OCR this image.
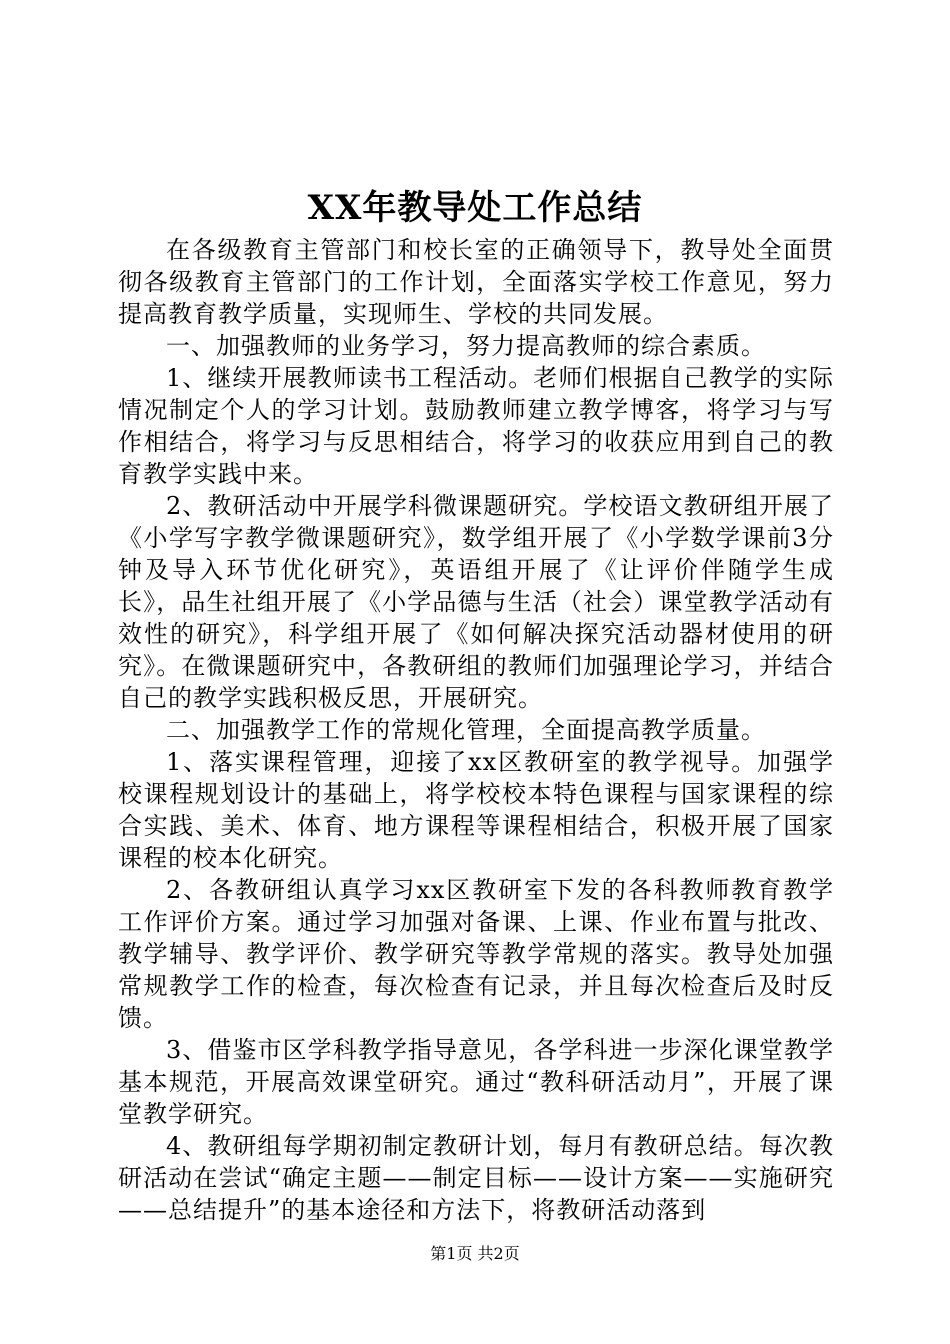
XX年教导处工作总结

在各级教育主管部门和校长室的正确领导下，教导处全面贯彻各级教育主管部门的工作计划，全面落实学校工作意见，努力提高教育教学质量，实现师生、学校的共同发展。

一、加强教师的业务学习，努力提高教师的综合素质。

1、继续开展教师读书工程活动。老师们根据自己教学的实际情况制定个人的学习计划。鼓励教师建立教学博客，将学习与写作相结合，将学习与反思相结合，将学习的收获应用到自己的教育教学实践中来。

2、教研活动中开展学科微课题研究。学校语文教研组开展了《小学写字教学微课题研究》，数学组开展了《小学数学课前3分钟及导入环节优化研究》，英语组开展了《让评价伴随学生成长》，品生社组开展了《小学品德与生活（社会）课堂教学活动有效性的研究》，科学组开展了《如何解决探究活动器材使用的研究》。在微课题研究中，各教研组的教师们加强理论学习，并结合自己的教学实践积极反思，开展研究。

二、加强教学工作的常规化管理，全面提高教学质量。

1、落实课程管理，迎接了xx区教研室的教学视导。加强学校课程规划设计的基础上，将学校校本特色课程与国家课程的综合实践、美术、体育、地方课程等课程相结合，积极开展了国家课程的校本化研究。

2、各教研组认真学习xx区教研室下发的各科教师教育教学工作评价方案。通过学习加强对备课、上课、作业布置与批改、教学辅导、教学评价、教学研究等教学常规的落实。教导处加强常规教学工作的检查，每次检查有记录，并且每次检查后及时反馈。

3、借鉴市区学科教学指导意见，各学科进一步深化课堂教学基本规范，开展高效课堂研究。通过“教科研活动月”，开展了课堂教学研究。

4、教研组每学期初制定教研计划，每月有教研总结。每次教研活动在尝试“确定主题——制定目标——设计方案——实施研究——总结提升”的基本途径和方法下，将教研活动落到

第1页 共2页
